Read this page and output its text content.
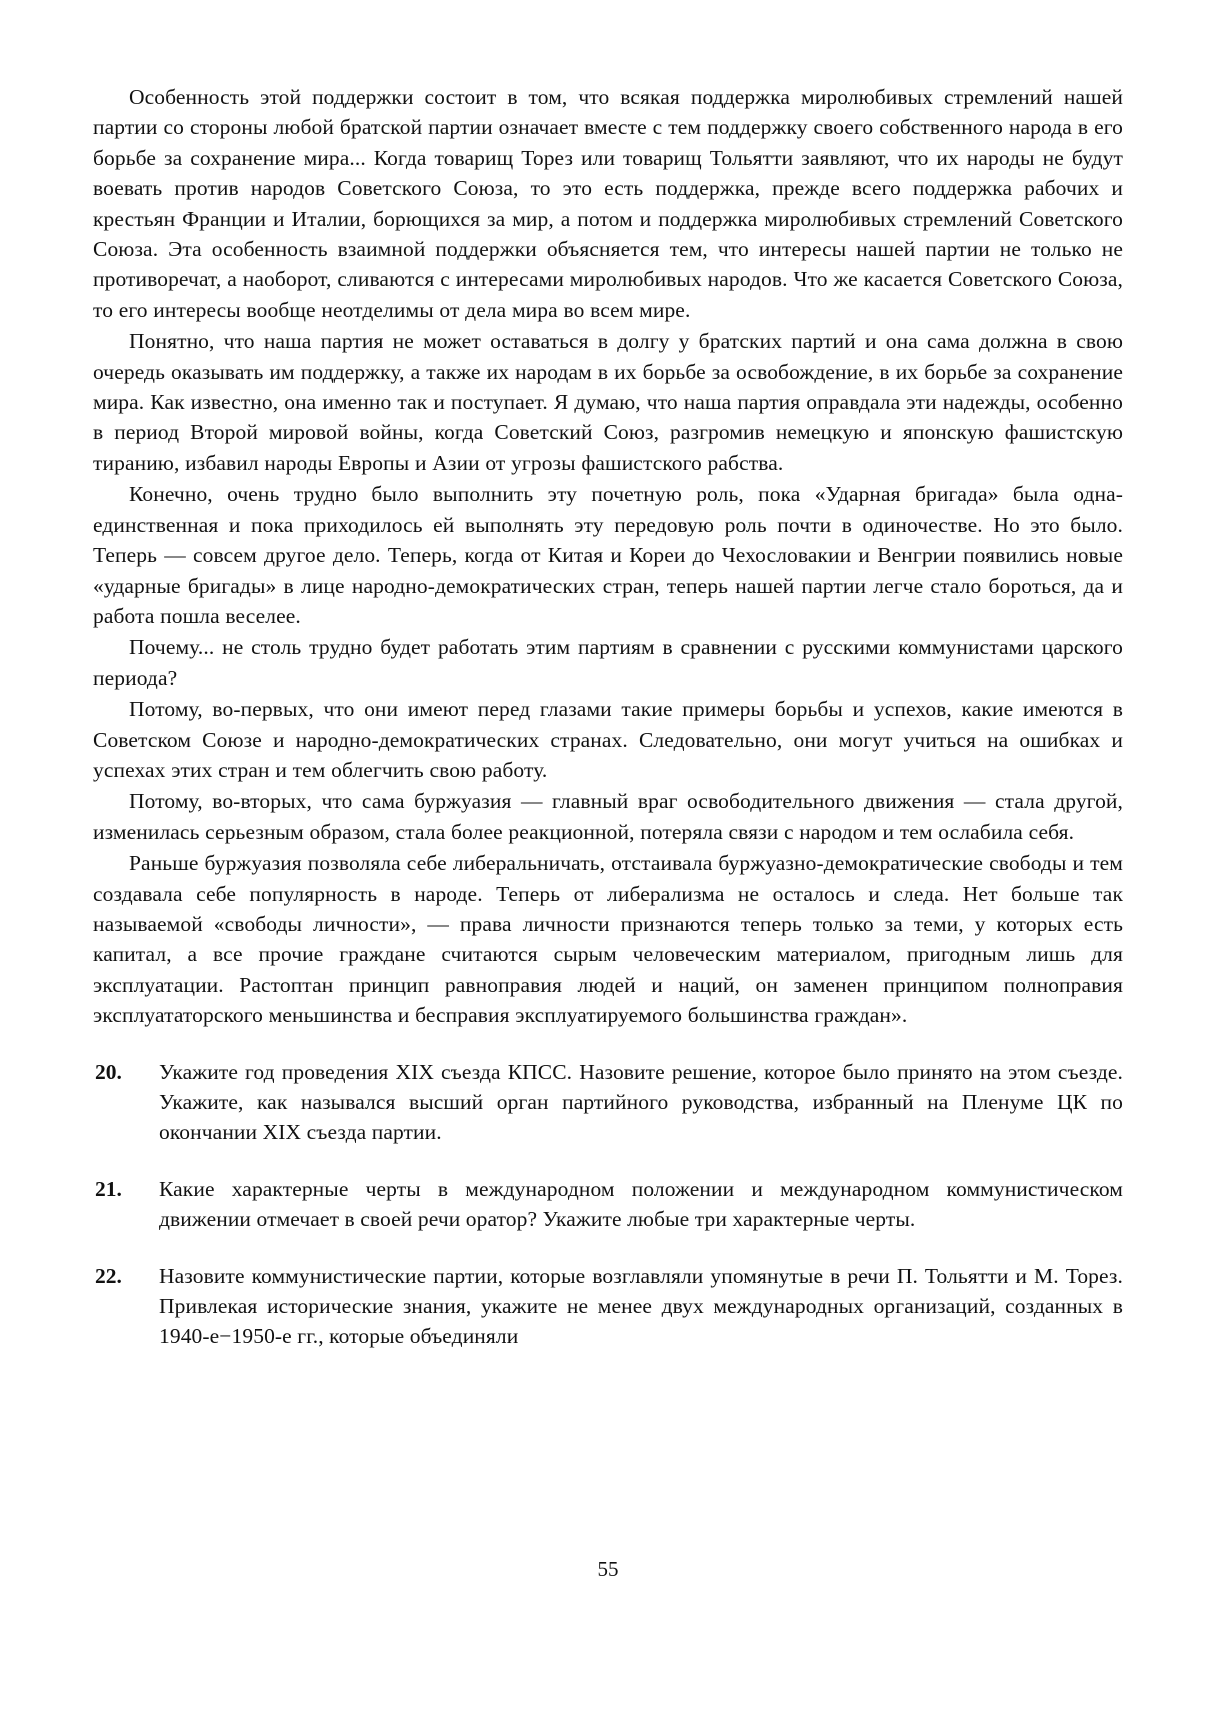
Особенность этой поддержки состоит в том, что всякая поддержка миролюбивых стремлений нашей партии со стороны любой братской партии означает вместе с тем поддержку своего собственного народа в его борьбе за сохранение мира... Когда товарищ Торез или товарищ Тольятти заявляют, что их народы не будут воевать против народов Советского Союза, то это есть поддержка, прежде всего поддержка рабочих и крестьян Франции и Италии, борющихся за мир, а потом и поддержка миролюбивых стремлений Советского Союза. Эта особенность взаимной поддержки объясняется тем, что интересы нашей партии не только не противоречат, а наоборот, сливаются с интересами миролюбивых народов. Что же касается Советского Союза, то его интересы вообще неотделимы от дела мира во всем мире.

Понятно, что наша партия не может оставаться в долгу у братских партий и она сама должна в свою очередь оказывать им поддержку, а также их народам в их борьбе за освобождение, в их борьбе за сохранение мира. Как известно, она именно так и поступает. Я думаю, что наша партия оправдала эти надежды, особенно в период Второй мировой войны, когда Советский Союз, разгромив немецкую и японскую фашистскую тиранию, избавил народы Европы и Азии от угрозы фашистского рабства.

Конечно, очень трудно было выполнить эту почетную роль, пока «Ударная бригада» была одна-единственная и пока приходилось ей выполнять эту передовую роль почти в одиночестве. Но это было. Теперь — совсем другое дело. Теперь, когда от Китая и Кореи до Чехословакии и Венгрии появились новые «ударные бригады» в лице народно-демократических стран, теперь нашей партии легче стало бороться, да и работа пошла веселее.

Почему... не столь трудно будет работать этим партиям в сравнении с русскими коммунистами царского периода?

Потому, во-первых, что они имеют перед глазами такие примеры борьбы и успехов, какие имеются в Советском Союзе и народно-демократических странах. Следовательно, они могут учиться на ошибках и успехах этих стран и тем облегчить свою работу.

Потому, во-вторых, что сама буржуазия — главный враг освободительного движения — стала другой, изменилась серьезным образом, стала более реакционной, потеряла связи с народом и тем ослабила себя.

Раньше буржуазия позволяла себе либеральничать, отстаивала буржуазно-демократические свободы и тем создавала себе популярность в народе. Теперь от либерализма не осталось и следа. Нет больше так называемой «свободы личности», — права личности признаются теперь только за теми, у которых есть капитал, а все прочие граждане считаются сырым человеческим материалом, пригодным лишь для эксплуатации. Растоптан принцип равноправия людей и наций, он заменен принципом полноправия эксплуататорского меньшинства и бесправия эксплуатируемого большинства граждан».

20.	Укажите год проведения XIX съезда КПСС. Назовите решение, которое было принято на этом съезде. Укажите, как назывался высший орган партийного руководства, избранный на Пленуме ЦК по окончании XIX съезда партии.
21.	Какие характерные черты в международном положении и международном коммунистическом движении отмечает в своей речи оратор? Укажите любые три характерные черты.
22.	Назовите коммунистические партии, которые возглавляли упомянутые в речи П. Тольятти и М. Торез. Привлекая исторические знания, укажите не менее двух международных организаций, созданных в 1940-е−1950-е гг., которые объединяли
55
